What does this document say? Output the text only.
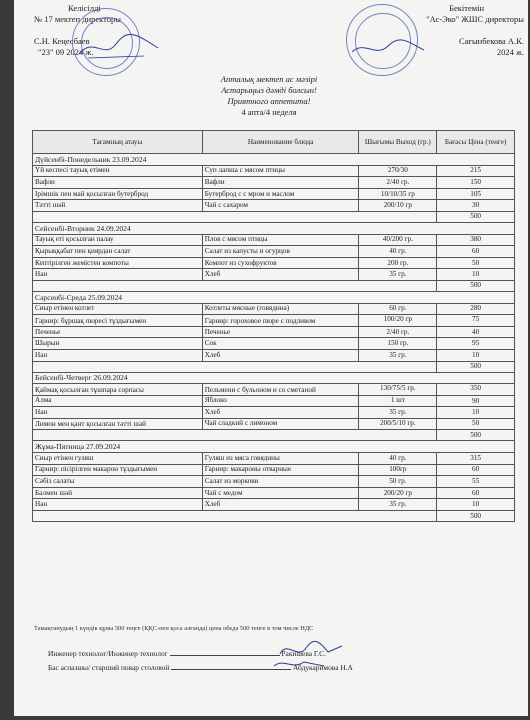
Келісілді
№ 17 мектеп директоры
С.Н. Кеңесбаев
"23" 09 2024 ж.
Бекітемін
"Ас-Эко" ЖШС директоры
Сағынбекова А.К.
2024 ж.
Апталық мектеп ас мәзірі
Астарыңыз дәмді болсын!
Приятного аппетита!
4 апта/4 неделя
Тағамның атауы	Наименование блюда	Шығымы Выход (гр.)	Бағасы Цена (тенге)
Дүйсенбі-Понедельник 23.09.2024			
Үй кеспесі тауық етімен	Суп лапша с мясом птицы	270/30	215
Вафли	Вафли	2/40 гр.	150
Ірімшік пен май қосылған бутерброд	Бутерброд с с мром и маслом	10/10/35 гр	105
Тәтті шәй	Чай с сахаром	200/10 гр	30
			500
Сейсенбі-Вторник 24.09.2024			
Тауық еті қосылған палау	Плов с мясом птицы	40/200 гр.	380
Қырыққабат пен қиярдан салат	Салат из капусты и огурцов	40 гр.	60
Кептірілген жемістен компоты	Компот из сухофруктов	200 гр.	50
Нан	Хлеб	35 гр.	10
			500
Сәрсенбі-Среда 25.09.2024			
Сиыр етінен котлет	Котлеты мясные (говядина)	60 гр.	280
Гарнир: бұршақ пюресі тұздығымен	Гарнир: гороховое пюре с подливом	100/20 гр	75
Печенье	Печенье	2/40 гр.	40
Шырын	Сок	150 гр.	95
Нан	Хлеб	35 гр.	10
			500
Бейсенбі-Четверг 26.09.2024			
Қаймақ қосылған тұшпара сорпасы	Пельмени с бульоном и со сметаной	130/75/5 гр.	350
Алма	Яблоко	1 шт	90
Нан	Хлеб	35 гр.	10
Лимон мен қант қосылған тәтті шәй	Чай сладкий с лимоном	200/5/10 гр.	50
			500
Жұма-Пятница 27.09.2024			
Сиыр етінен гуляш	Гуляш из мяса говядины	40 гр.	315
Гарнир: пісірілген макарон тұздығымен	Гарнир: макароны отварные	100гр	60
Сәбіз салаты	Салат из моркови	50 гр.	55
Балмен шәй	Чай с медом	200/20 гр	60
Нан	Хлеб	35 гр.	10
			500
Тамақтанудың 1 күндік құны 500 теңге (ҚҚС-пен қоса алғанда) цена обеда 500 тенге в том числе НДС
Инженер технолог/Инжинер технолог	Ракишева Г.С.
Бас аспазшы/ старший повар столовой	Абдукаримова Н.А
